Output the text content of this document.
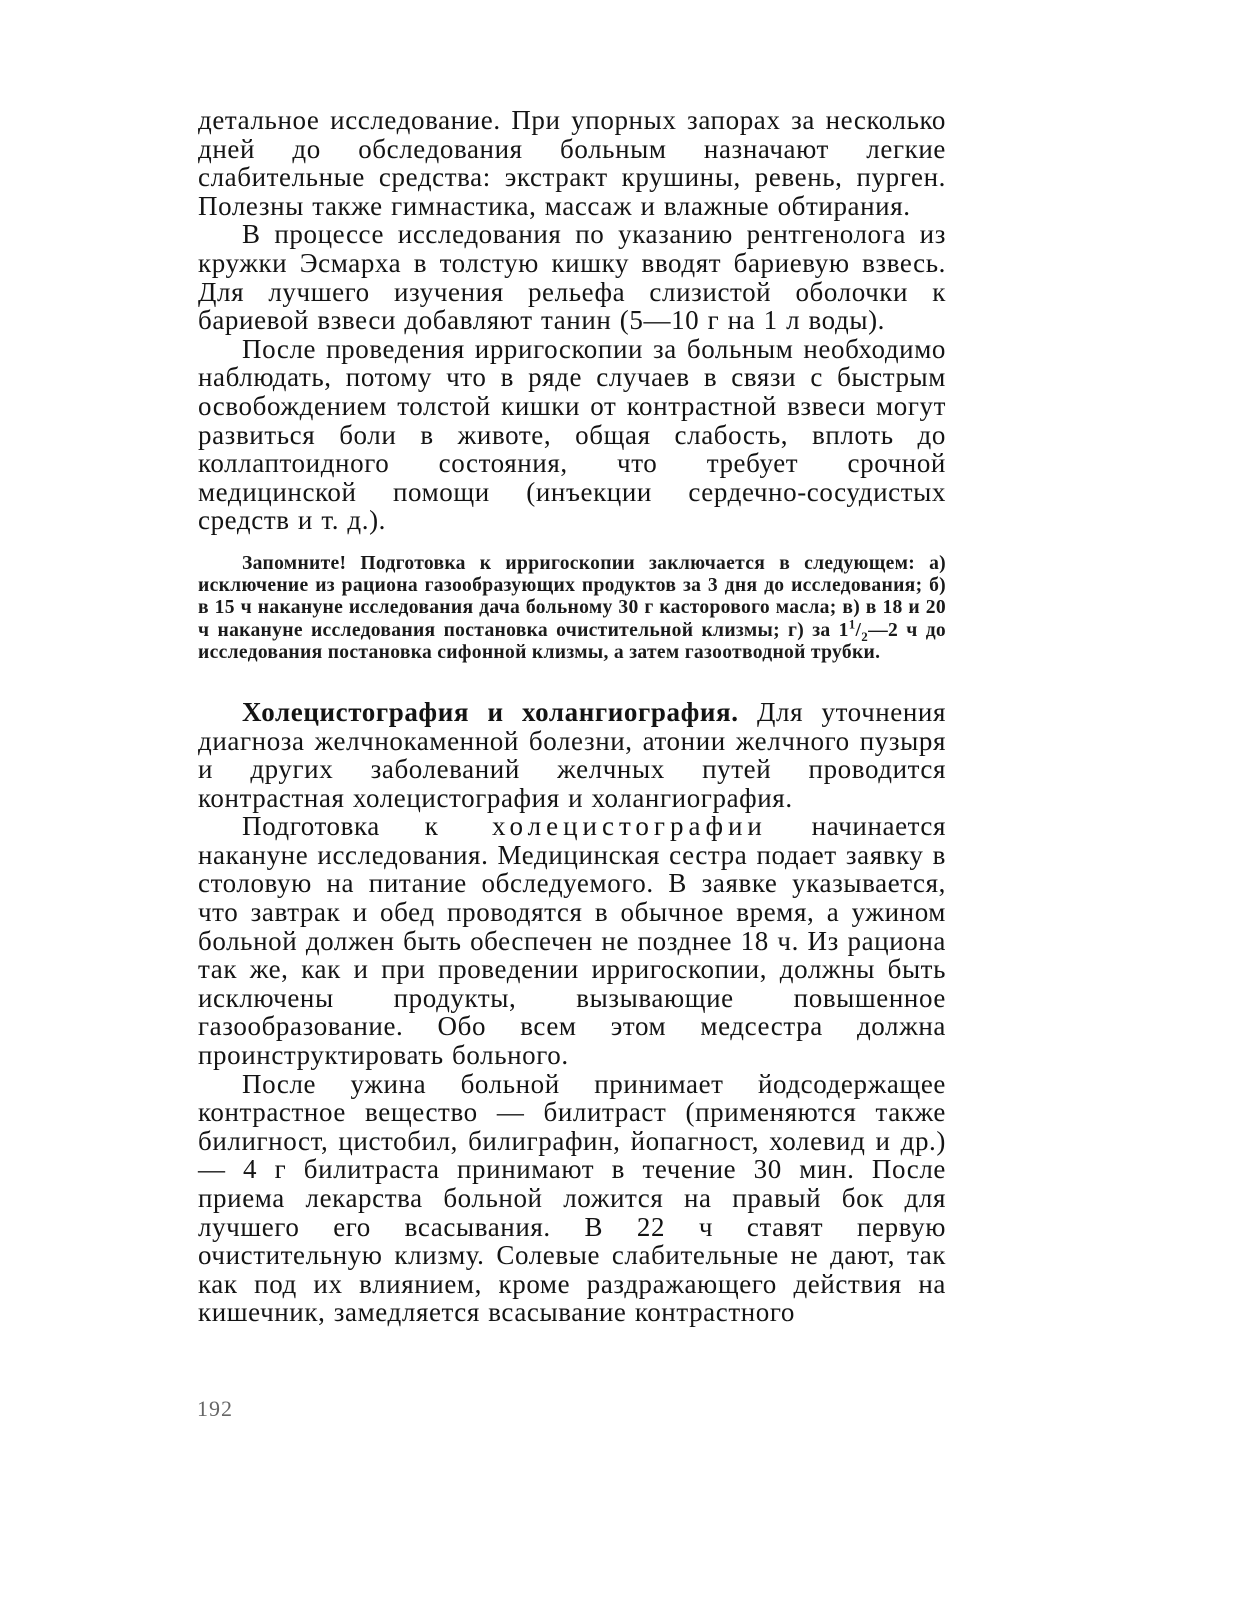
детальное исследование. При упорных запорах за несколько дней до обследования больным назначают легкие слабительные средства: экстракт крушины, ревень, пурген. Полезны также гимнастика, массаж и влажные обтирания.

В процессе исследования по указанию рентгенолога из кружки Эсмарха в толстую кишку вводят бариевую взвесь. Для лучшего изучения рельефа слизистой оболочки к бариевой взвеси добавляют танин (5—10 г на 1 л воды).

После проведения ирригоскопии за больным необходимо наблюдать, потому что в ряде случаев в связи с быстрым освобождением толстой кишки от контрастной взвеси могут развиться боли в животе, общая слабость, вплоть до коллаптоидного состояния, что требует срочной медицинской помощи (инъекции сердечно-сосудистых средств и т. д.).

Запомните! Подготовка к ирригоскопии заключается в следующем: а) исключение из рациона газообразующих продуктов за 3 дня до исследования; б) в 15 ч накануне исследования дача больному 30 г касторового масла; в) в 18 и 20 ч накануне исследования постановка очистительной клизмы; г) за $1^1/_2—2$ ч до исследования постановка сифонной клизмы, а затем газоотводной трубки.

Холецистография и холангиография. Для уточнения диагноза желчнокаменной болезни, атонии желчного пузыря и других заболеваний желчных путей проводится контрастная холецистография и холангиография.

Подготовка к холецистографии начинается накануне исследования. Медицинская сестра подает заявку в столовую на питание обследуемого. В заявке указывается, что завтрак и обед проводятся в обычное время, а ужином больной должен быть обеспечен не позднее 18 ч. Из рациона так же, как и при проведении ирригоскопии, должны быть исключены продукты, вызывающие повышенное газообразование. Обо всем этом медсестра должна проинструктировать больного.

После ужина больной принимает йодсодержащее контрастное вещество — билитраст (применяются также билигност, цистобил, билиграфин, йопагност, холевид и др.) — 4 г билитраста принимают в течение 30 мин. После приема лекарства больной ложится на правый бок для лучшего его всасывания. В 22 ч ставят первую очистительную клизму. Солевые слабительные не дают, так как под их влиянием, кроме раздражающего действия на кишечник, замедляется всасывание контрастного

192
